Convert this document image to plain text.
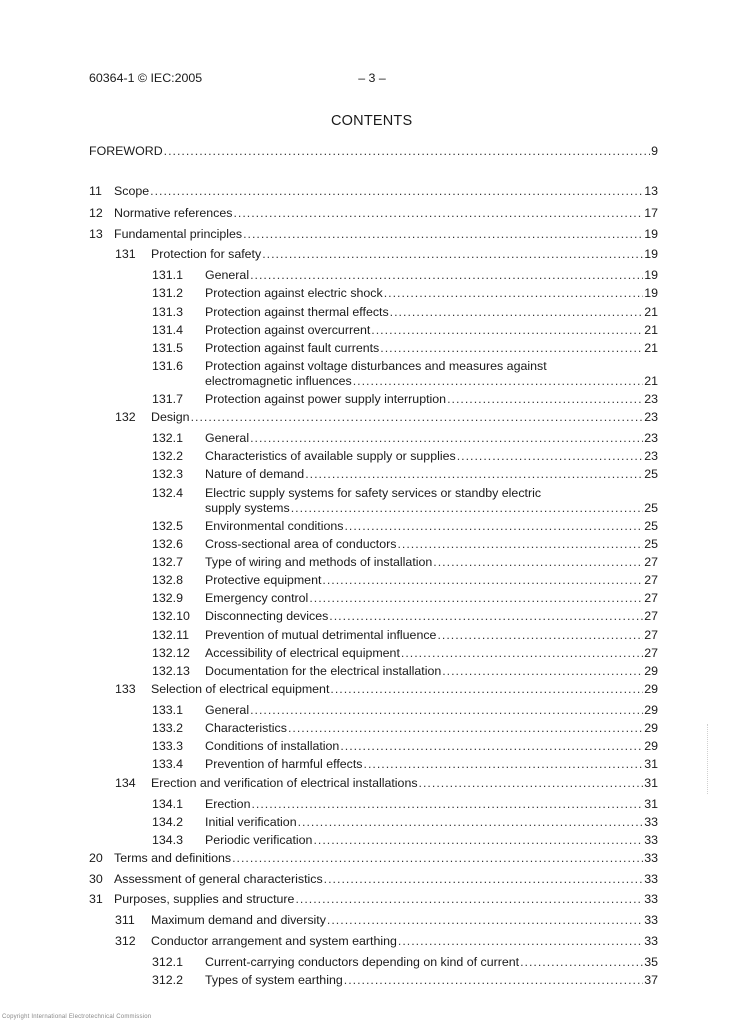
60364-1 © IEC:2005	– 3 –
CONTENTS
FOREWORD .....	9
11 Scope .....	13
12 Normative references .....	17
13 Fundamental principles .....	19
131	Protection for safety .....	19
131.1	General .....	19
131.2	Protection against electric shock .....	19
131.3	Protection against thermal effects .....	21
131.4	Protection against overcurrent .....	21
131.5	Protection against fault currents .....	21
131.6	Protection against voltage disturbances and measures against
electromagnetic influences .....	21
131.7	Protection against power supply interruption .....	23
132	Design .....	23
132.1	General .....	23
132.2	Characteristics of available supply or supplies .....	23
132.3	Nature of demand .....	25
132.4	Electric supply systems for safety services or standby electric
supply systems .....	25
132.5	Environmental conditions .....	25
132.6	Cross-sectional area of conductors .....	25
132.7	Type of wiring and methods of installation .....	27
132.8	Protective equipment .....	27
132.9	Emergency control .....	27
132.10	Disconnecting devices .....	27
132.11	Prevention of mutual detrimental influence .....	27
132.12	Accessibility of electrical equipment .....	27
132.13	Documentation for the electrical installation .....	29
133	Selection of electrical equipment .....	29
133.1	General .....	29
133.2	Characteristics .....	29
133.3	Conditions of installation .....	29
133.4	Prevention of harmful effects .....	31
134	Erection and verification of electrical installations .....	31
134.1	Erection .....	31
134.2	Initial verification .....	33
134.3	Periodic verification .....	33
20 Terms and definitions .....	33
30 Assessment of general characteristics .....	33
31 Purposes, supplies and structure .....	33
311	Maximum demand and diversity .....	33
312	Conductor arrangement and system earthing .....	33
312.1	Current-carrying conductors depending on kind of current .....	35
312.2	Types of system earthing .....	37
Copyright International Electrotechnical Commission
